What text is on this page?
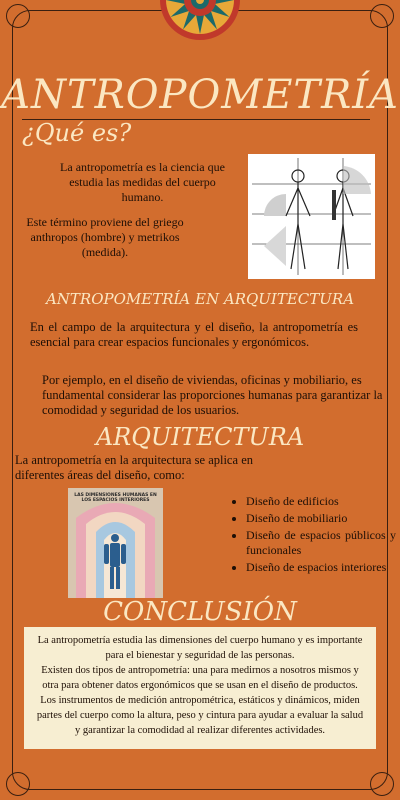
ANTROPOMETRÍA
¿Qué es?
La antropometría es la ciencia que estudia las medidas del cuerpo humano.
Este término proviene del griego anthropos (hombre) y metrikos (medida).
ANTROPOMETRÍA EN ARQUITECTURA
En el campo de la arquitectura y el diseño, la antropometría es esencial para crear espacios funcionales y ergonómicos.
Por ejemplo, en el diseño de viviendas, oficinas y mobiliario, es fundamental considerar las proporciones humanas para garantizar la comodidad y seguridad de los usuarios.
ARQUITECTURA
La antropometría en la arquitectura se aplica en diferentes áreas del diseño, como:
LAS DIMENSIONES HUMANAS EN LOS ESPACIOS INTERIORES
•	Diseño de edificios
• Diseño de mobiliario
• Diseño de espacios públicos y funcionales
• Diseño de espacios interiores
CONCLUSIÓN
La antropometría estudia las dimensiones del cuerpo humano y es importante para el bienestar y seguridad de las personas.
Existen dos tipos de antropometría: una para medirnos a nosotros mismos y otra para obtener datos ergonómicos que se usan en el diseño de productos. Los instrumentos de medición antropométrica, estáticos y dinámicos, miden partes del cuerpo como la altura, peso y cintura para ayudar a evaluar la salud y garantizar la comodidad al realizar diferentes actividades.
